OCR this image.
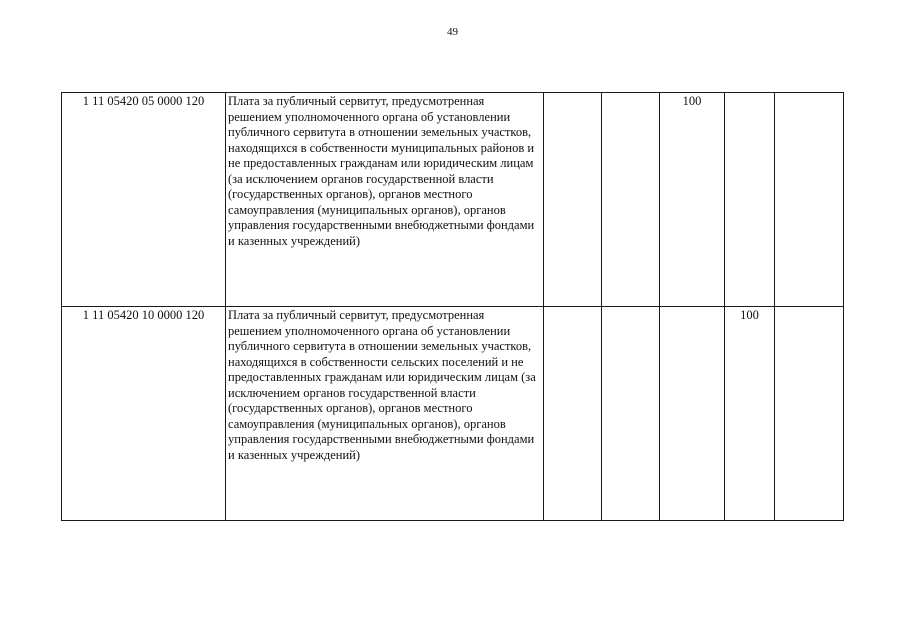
49
1 11 05420 05 0000 120	Плата за публичный сервитут, предусмотренная решением уполномоченного органа об установлении публичного сервитута в отношении земельных участков, находящихся в собственности муниципальных районов и не предоставленных гражданам или юридическим лицам (за исключением органов государственной власти (государственных органов), органов местного самоуправления (муниципальных органов), органов управления государственными внебюджетными фондами и казенных учреждений)			100		
1 11 05420 10 0000 120	Плата за публичный сервитут, предусмотренная решением уполномоченного органа об установлении публичного сервитута в отношении земельных участков, находящихся в собственности сельских поселений и не предоставленных гражданам или юридическим лицам (за исключением органов государственной власти (государственных органов), органов местного самоуправления (муниципальных органов), органов управления государственными внебюджетными фондами и казенных учреждений)				100	
